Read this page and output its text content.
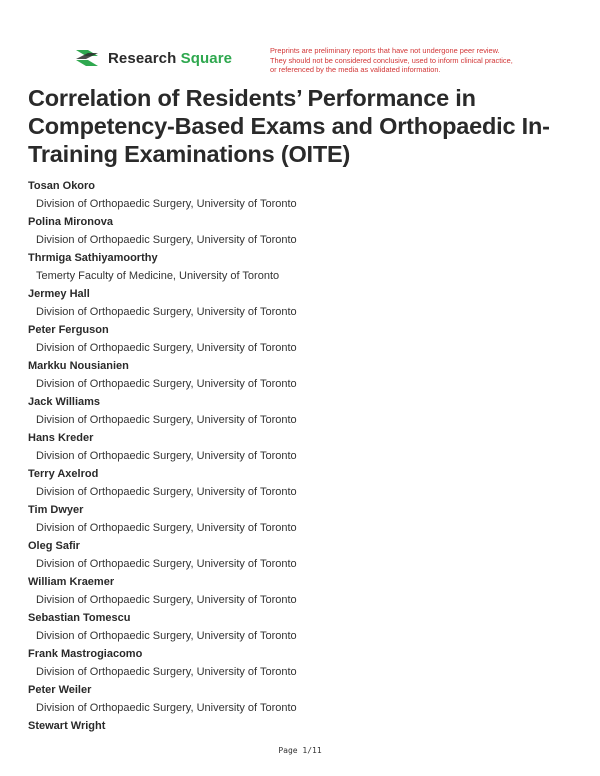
Research Square	Preprints are preliminary reports that have not undergone peer review.
They should not be considered conclusive, used to inform clinical practice,
or referenced by the media as validated information.
Correlation of Residents’ Performance in Competency-Based Exams and Orthopaedic In-Training Examinations (OITE)
Tosan Okoro
Division of Orthopaedic Surgery, University of Toronto
Polina Mironova
Division of Orthopaedic Surgery, University of Toronto
Thrmiga Sathiyamoorthy
Temerty Faculty of Medicine, University of Toronto
Jermey Hall
Division of Orthopaedic Surgery, University of Toronto
Peter Ferguson
Division of Orthopaedic Surgery, University of Toronto
Markku Nousianien
Division of Orthopaedic Surgery, University of Toronto
Jack Williams
Division of Orthopaedic Surgery, University of Toronto
Hans Kreder
Division of Orthopaedic Surgery, University of Toronto
Terry Axelrod
Division of Orthopaedic Surgery, University of Toronto
Tim Dwyer
Division of Orthopaedic Surgery, University of Toronto
Oleg Safir
Division of Orthopaedic Surgery, University of Toronto
William Kraemer
Division of Orthopaedic Surgery, University of Toronto
Sebastian Tomescu
Division of Orthopaedic Surgery, University of Toronto
Frank Mastrogiacomo
Division of Orthopaedic Surgery, University of Toronto
Peter Weiler
Division of Orthopaedic Surgery, University of Toronto
Stewart Wright
Page 1/11
